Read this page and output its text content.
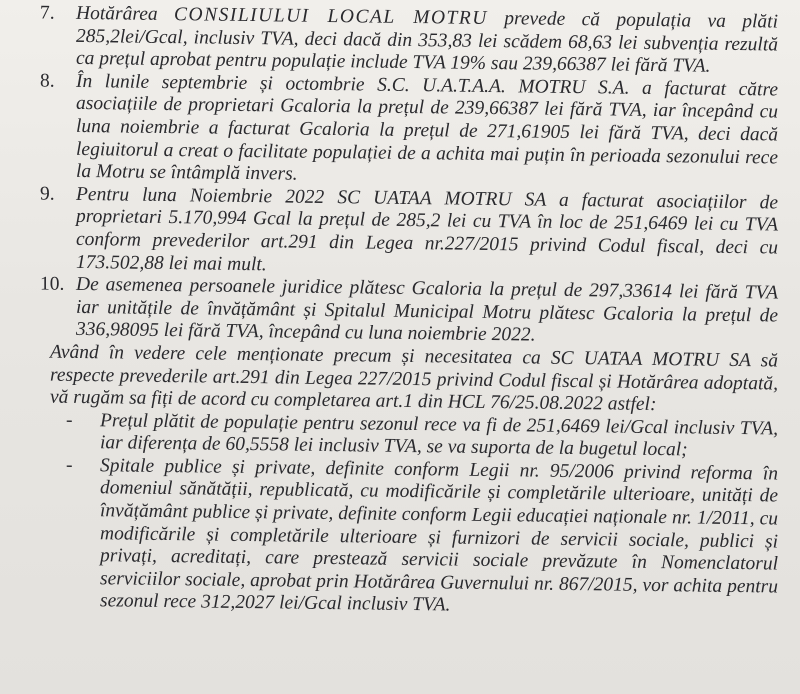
7. Hotărârea CONSILIULUI LOCAL MOTRU prevede că populația va plăti 285,2lei/Gcal, inclusiv TVA, deci dacă din 353,83 lei scădem 68,63 lei subvenția rezultă ca prețul aprobat pentru populație include TVA 19% sau 239,66387 lei fără TVA.
8. În lunile septembrie și octombrie S.C. U.A.T.A.A. MOTRU S.A. a facturat către asociațiile de proprietari Gcaloria la prețul de 239,66387 lei fără TVA, iar începând cu luna noiembrie a facturat Gcaloria la prețul de 271,61905 lei fără TVA, deci dacă legiuitorul a creat o facilitate populației de a achita mai puțin în perioada sezonului rece la Motru se întâmplă invers.
9. Pentru luna Noiembrie 2022 SC UATAA MOTRU SA a facturat asociațiilor de proprietari 5.170,994 Gcal la prețul de 285,2 lei cu TVA în loc de 251,6469 lei cu TVA conform prevederilor art.291 din Legea nr.227/2015 privind Codul fiscal, deci cu 173.502,88 lei mai mult.
10. De asemenea persoanele juridice plătesc Gcaloria la prețul de 297,33614 lei fără TVA iar unitățile de învățământ și Spitalul Municipal Motru plătesc Gcaloria la prețul de 336,98095 lei fără TVA, începând cu luna noiembrie 2022.
Având în vedere cele menționate precum și necesitatea ca SC UATAA MOTRU SA să respecte prevederile art.291 din Legea 227/2015 privind Codul fiscal și Hotărârea adoptată, vă rugăm sa fiți de acord cu completarea art.1 din HCL 76/25.08.2022 astfel:
- Prețul plătit de populație pentru sezonul rece va fi de 251,6469 lei/Gcal inclusiv TVA, iar diferența de 60,5558 lei inclusiv TVA, se va suporta de la bugetul local;
- Spitale publice și private, definite conform Legii nr. 95/2006 privind reforma în domeniul sănătății, republicată, cu modificările și completările ulterioare, unități de învățământ publice și private, definite conform Legii educației naționale nr. 1/2011, cu modificările și completările ulterioare și furnizori de servicii sociale, publici și privați, acreditați, care prestează servicii sociale prevăzute în Nomenclatorul serviciilor sociale, aprobat prin Hotărârea Guvernului nr. 867/2015, vor achita pentru sezonul rece 312,2027 lei/Gcal inclusiv TVA.
